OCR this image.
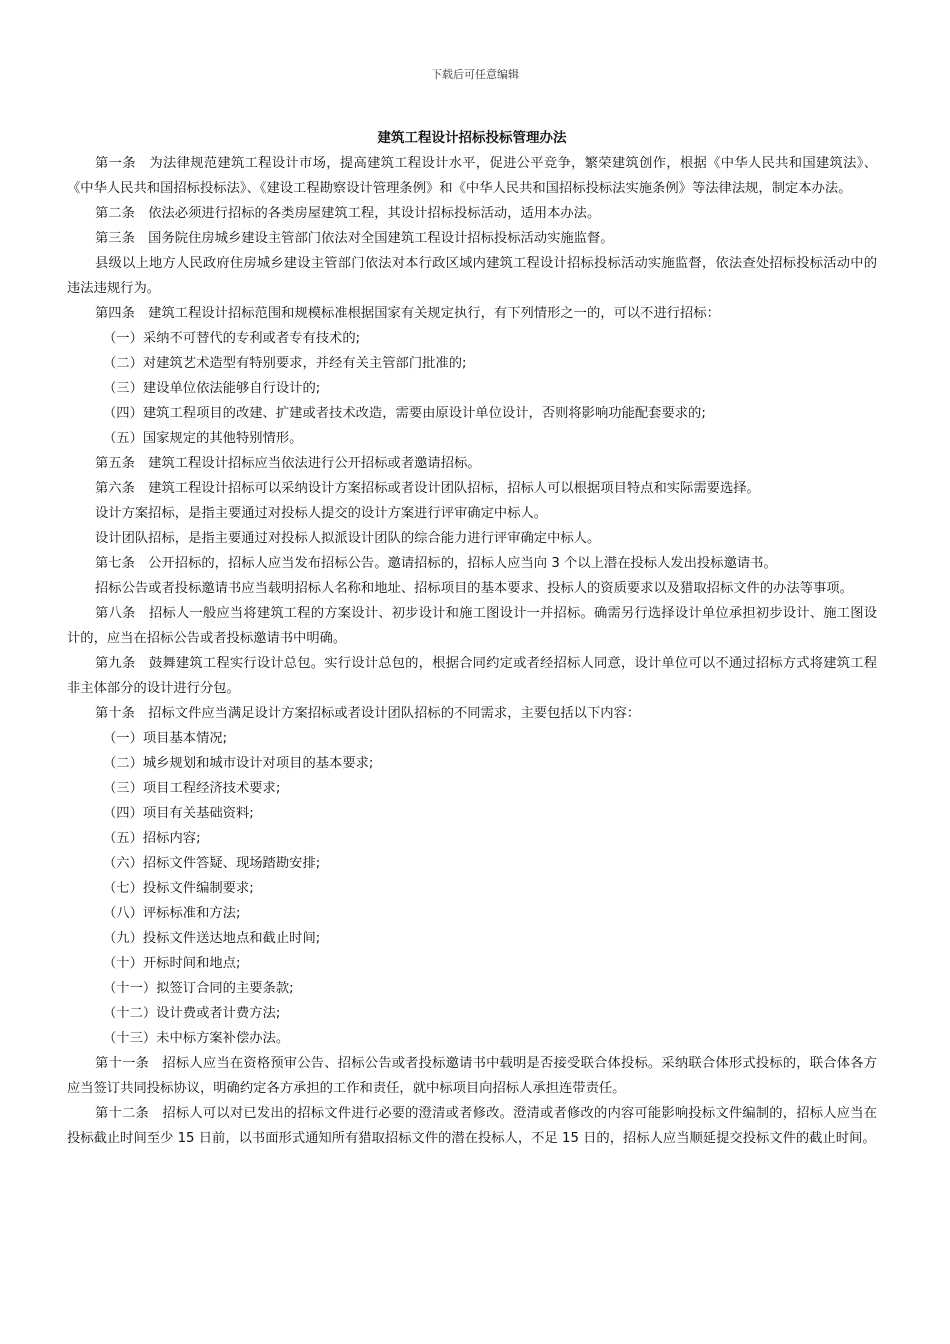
下载后可任意编辑
建筑工程设计招标投标管理办法

第一条　为法律规范建筑工程设计市场，提高建筑工程设计水平，促进公平竞争，繁荣建筑创作，根据《中华人民共和国建筑法》、《中华人民共和国招标投标法》、《建设工程勘察设计管理条例》和《中华人民共和国招标投标法实施条例》等法律法规，制定本办法。

第二条　依法必须进行招标的各类房屋建筑工程，其设计招标投标活动，适用本办法。

第三条　国务院住房城乡建设主管部门依法对全国建筑工程设计招标投标活动实施监督。

县级以上地方人民政府住房城乡建设主管部门依法对本行政区域内建筑工程设计招标投标活动实施监督，依法查处招标投标活动中的违法违规行为。

第四条　建筑工程设计招标范围和规模标准根据国家有关规定执行，有下列情形之一的，可以不进行招标：

（一）采纳不可替代的专利或者专有技术的;

（二）对建筑艺术造型有特别要求，并经有关主管部门批准的;

（三）建设单位依法能够自行设计的;

（四）建筑工程项目的改建、扩建或者技术改造，需要由原设计单位设计，否则将影响功能配套要求的;

（五）国家规定的其他特别情形。

第五条　建筑工程设计招标应当依法进行公开招标或者邀请招标。

第六条　建筑工程设计招标可以采纳设计方案招标或者设计团队招标，招标人可以根据项目特点和实际需要选择。

设计方案招标，是指主要通过对投标人提交的设计方案进行评审确定中标人。

设计团队招标，是指主要通过对投标人拟派设计团队的综合能力进行评审确定中标人。

第七条　公开招标的，招标人应当发布招标公告。邀请招标的，招标人应当向 3 个以上潜在投标人发出投标邀请书。

招标公告或者投标邀请书应当载明招标人名称和地址、招标项目的基本要求、投标人的资质要求以及猎取招标文件的办法等事项。

第八条　招标人一般应当将建筑工程的方案设计、初步设计和施工图设计一并招标。确需另行选择设计单位承担初步设计、施工图设计的，应当在招标公告或者投标邀请书中明确。

第九条　鼓舞建筑工程实行设计总包。实行设计总包的，根据合同约定或者经招标人同意，设计单位可以不通过招标方式将建筑工程非主体部分的设计进行分包。

第十条　招标文件应当满足设计方案招标或者设计团队招标的不同需求，主要包括以下内容：

（一）项目基本情况;

（二）城乡规划和城市设计对项目的基本要求;

（三）项目工程经济技术要求;

（四）项目有关基础资料;

（五）招标内容;

（六）招标文件答疑、现场踏勘安排;

（七）投标文件编制要求;

（八）评标标准和方法;

（九）投标文件送达地点和截止时间;

（十）开标时间和地点;

（十一）拟签订合同的主要条款;

（十二）设计费或者计费方法;

（十三）未中标方案补偿办法。

第十一条　招标人应当在资格预审公告、招标公告或者投标邀请书中载明是否接受联合体投标。采纳联合体形式投标的，联合体各方应当签订共同投标协议，明确约定各方承担的工作和责任，就中标项目向招标人承担连带责任。

第十二条　招标人可以对已发出的招标文件进行必要的澄清或者修改。澄清或者修改的内容可能影响投标文件编制的，招标人应当在投标截止时间至少 15 日前，以书面形式通知所有猎取招标文件的潜在投标人，不足 15 日的，招标人应当顺延提交投标文件的截止时间。
